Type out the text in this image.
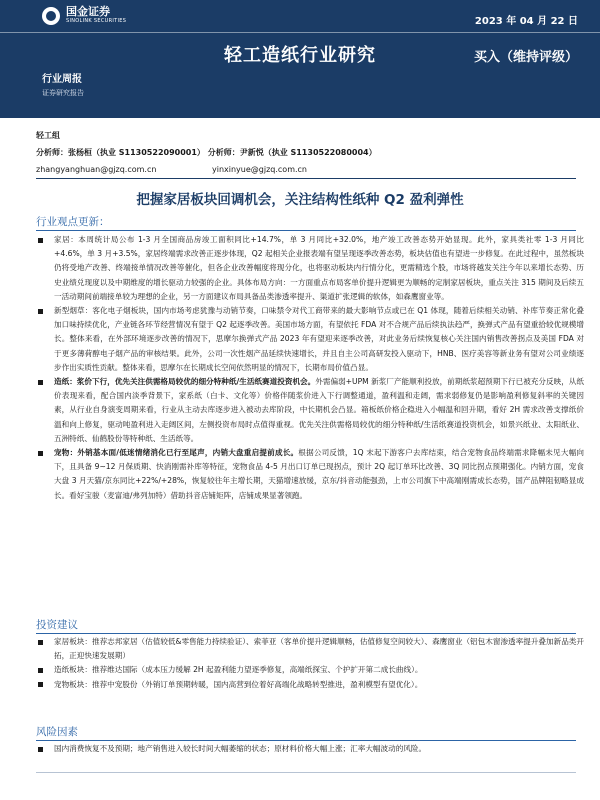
国金证券
SINOLINK SECURITIES	2023 年 04 月 22 日
轻工造纸行业研究	买入（维持评级）
行业周报
证券研究报告
轻工组
分析师：张杨桓（执业 S1130522090001） 分析师：尹新悦（执业 S1130522080004）
zhangyanghuan@gjzq.com.cn	yinxinyue@gjzq.com.cn
把握家居板块回调机会，关注结构性纸种 Q2 盈利弹性
行业观点更新：
家居：本周统计局公布 1-3 月全国商品房竣工面积同比+14.7%，单 3 月同比+32.0%，地产竣工改善态势开始显现。此外，家具类社零 1-3 月同比+4.6%，单 3 月+3.5%，家居终端需求改善正逐步体现，Q2 起相关企业报表端有望呈现逐季改善态势，板块估值也有望进一步修复。在此过程中，虽然板块仍将受地产改善、终端接单情况改善等催化，但各企业改善幅度将现分化，也将驱动板块内行情分化，更需精选个股，市场将越发关注今年以来增长态势、历史业绩兑现度以及中期维度的增长驱动力较强的企业。具体布局方向：一方面重点布局客单价提升逻辑更为顺畅的定制家居板块，重点关注 315 期间及后续五一活动期间前端接单较为理想的企业，另一方面建议布局具备品类渗透率提升、渠道扩张逻辑的软体，如森鹰窗业等。
新型烟草：客化电子烟板块，国内市场考虑犹豫与动销节奏，口味禁令对代工商带来的最大影响节点或已在 Q1 体现，随着后续相关动销、补库节奏正常化叠加口味持续优化，产业链各环节经营情况有望于 Q2 起逐季改善。美国市场方面，有望依托 FDA 对不合规产品后续执法趋严，换弹式产品有望重拾较优规模增长。整体来看，在外部环境逐步改善的情况下，思摩尔换弹式产品 2023 年有望迎来逐季改善，对此业务后续恢复核心关注国内销售改善拐点及美国 FDA 对于更多薄荷醇电子烟产品的审核结果。此外，公司一次性烟产品延续快速增长，并且自主公司高研发投入驱动下，HNB、医疗美容等新业务有望对公司业绩逐步作出实质性贡献。整体来看，思摩尔在长期成长空间依然明显的情况下，长期布局价值凸显。
造纸：浆价下行，优先关注供需格局较优的细分特种纸/生活纸赛道投资机会。外需偏弱+UPM 新浆厂产能顺利投放，前期纸浆超预期下行已被充分反映，从纸价表现来看，配合国内淡季背景下，家系纸（白卡、文化等）价格伴随浆价进入下行调整通道，盈利温和走阔，需求弱修复仍是影响盈利修复斜率的关键因素，从行业自身演变周期来看，行业从主动去库逐步进入被动去库阶段，中长期机会凸显。箱板纸价格企稳进入小幅温和回升期，看好 2H 需求改善支撑纸价温和向上修复，驱动吨盈利进入走阔区间，左侧投资布局时点值得重视。优先关注供需格局较优的细分特种纸/生活纸赛道投资机会，如景兴纸业、太阳纸业、五洲特纸、仙鹤股份等特种纸、生活纸等。
宠物：外销基本面/低迷情绪消化已行至尾声，内销大盘重启提前成长。根据公司反馈，1Q 末起下游客户去库结束，结合宠物食品终端需求降幅未见大幅向下，且具备 9~12 月保质期、快消刚需补库等特征，宠物食品 4-5 月出口订单已现拐点，预计 2Q 起订单环比改善、3Q 同比拐点预期强化。内销方面，宠食大盘 3 月天猫/京东同比+22%/+28%，恢复较往年主增长期，天猫增速放缓，京东/抖音动能强劲，上市公司旗下中高端刚需成长态势，国产品牌阻韧略显成长。看好宝骏（麦富迪/弗列加特）借助抖音店铺矩阵，店铺成果显著领跑。
投资建议
家居板块：推荐志邦家居（估值较低&零售能力持续验证）、索菲亚（客单价提升逻辑顺畅，估值修复空间较大）、森鹰窗业（铝包木窗渗透率提升叠加新品类开拓，正迎快速发展期）
造纸板块：推荐维达国际（成本压力缓解 2H 起盈利能力望逐季修复，高端纸探宝、个护扩开第二成长曲线）。
宠物板块：推荐中宠股份（外销订单预期转暖，国内高营到位着好高端化战略转型推进，盈利模型有望优化）。
风险因素
国内消费恢复不及预期；地产销售进入较长时间大幅萎缩的状态；原材料价格大幅上涨；汇率大幅波动的风险。
